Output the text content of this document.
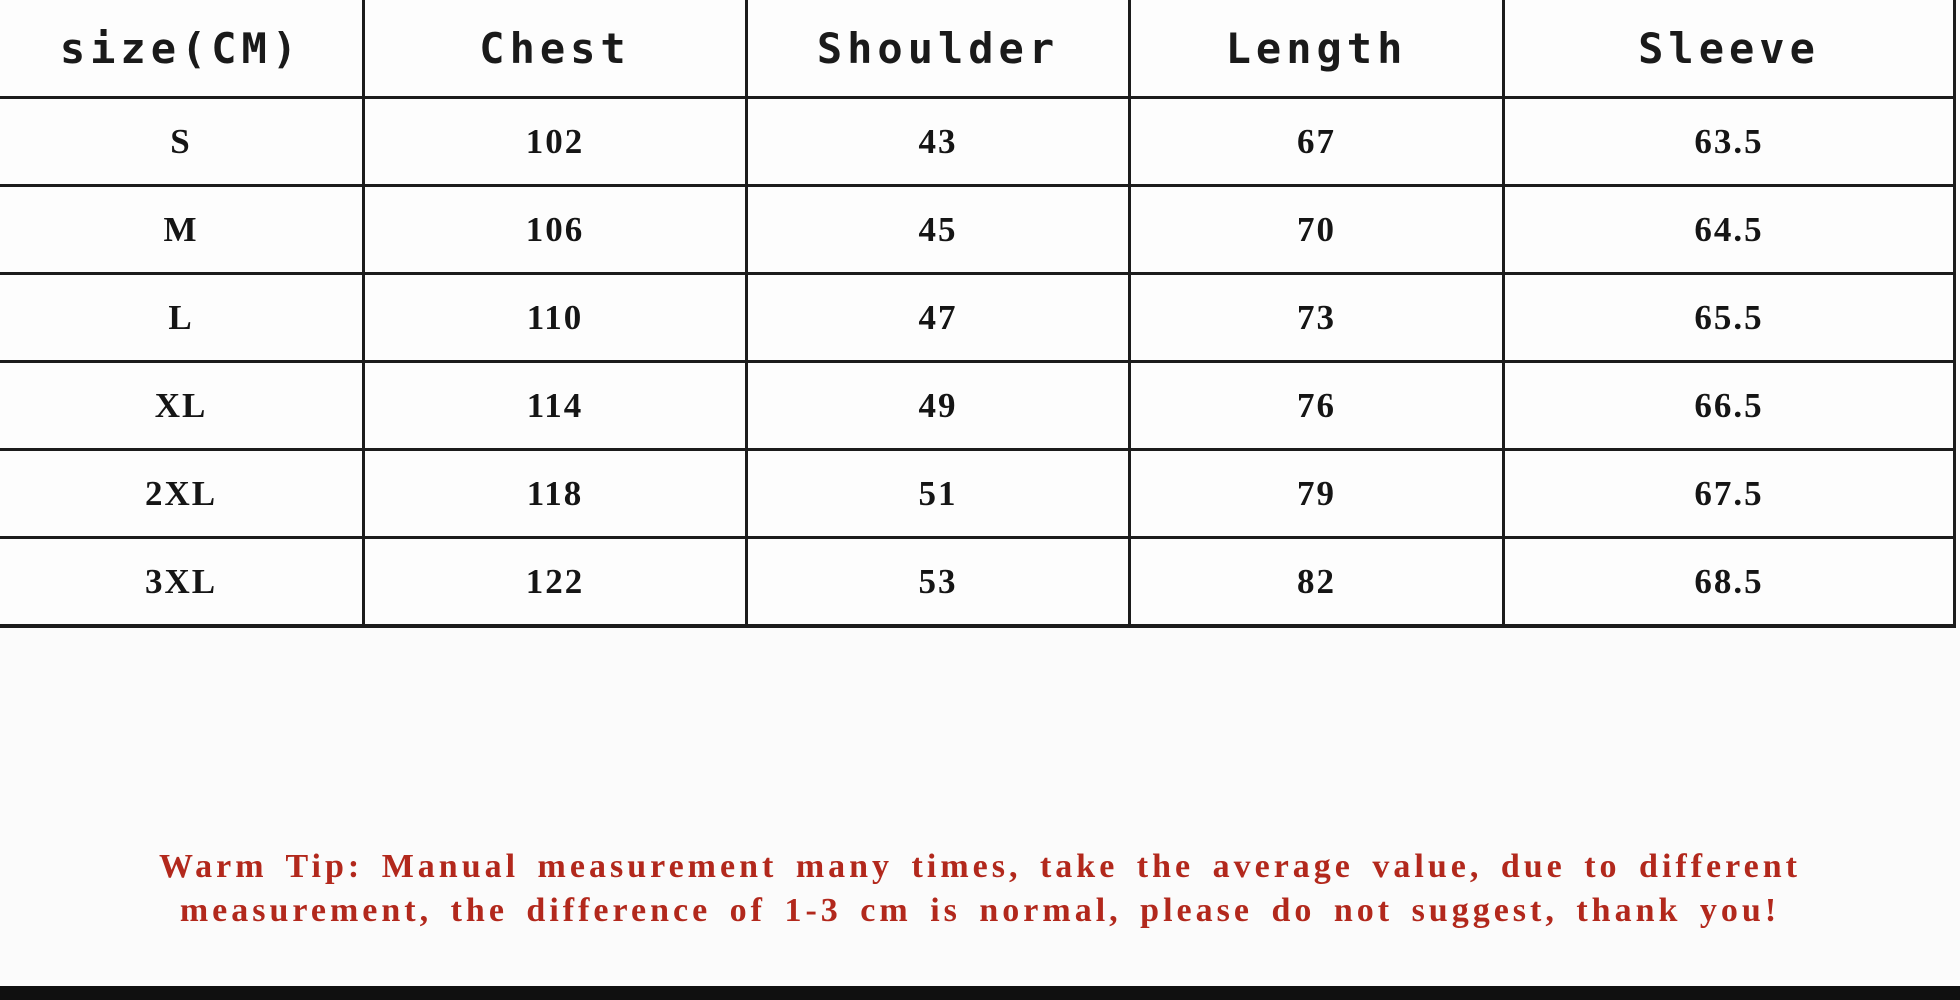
size(CM)	Chest	Shoulder	Length	Sleeve
S	102	43	67	63.5
M	106	45	70	64.5
L	110	47	73	65.5
XL	114	49	76	66.5
2XL	118	51	79	67.5
3XL	122	53	82	68.5
Warm Tip: Manual measurement many times, take the average value, due to different
measurement, the difference of 1-3 cm is normal, please do not suggest, thank you!
